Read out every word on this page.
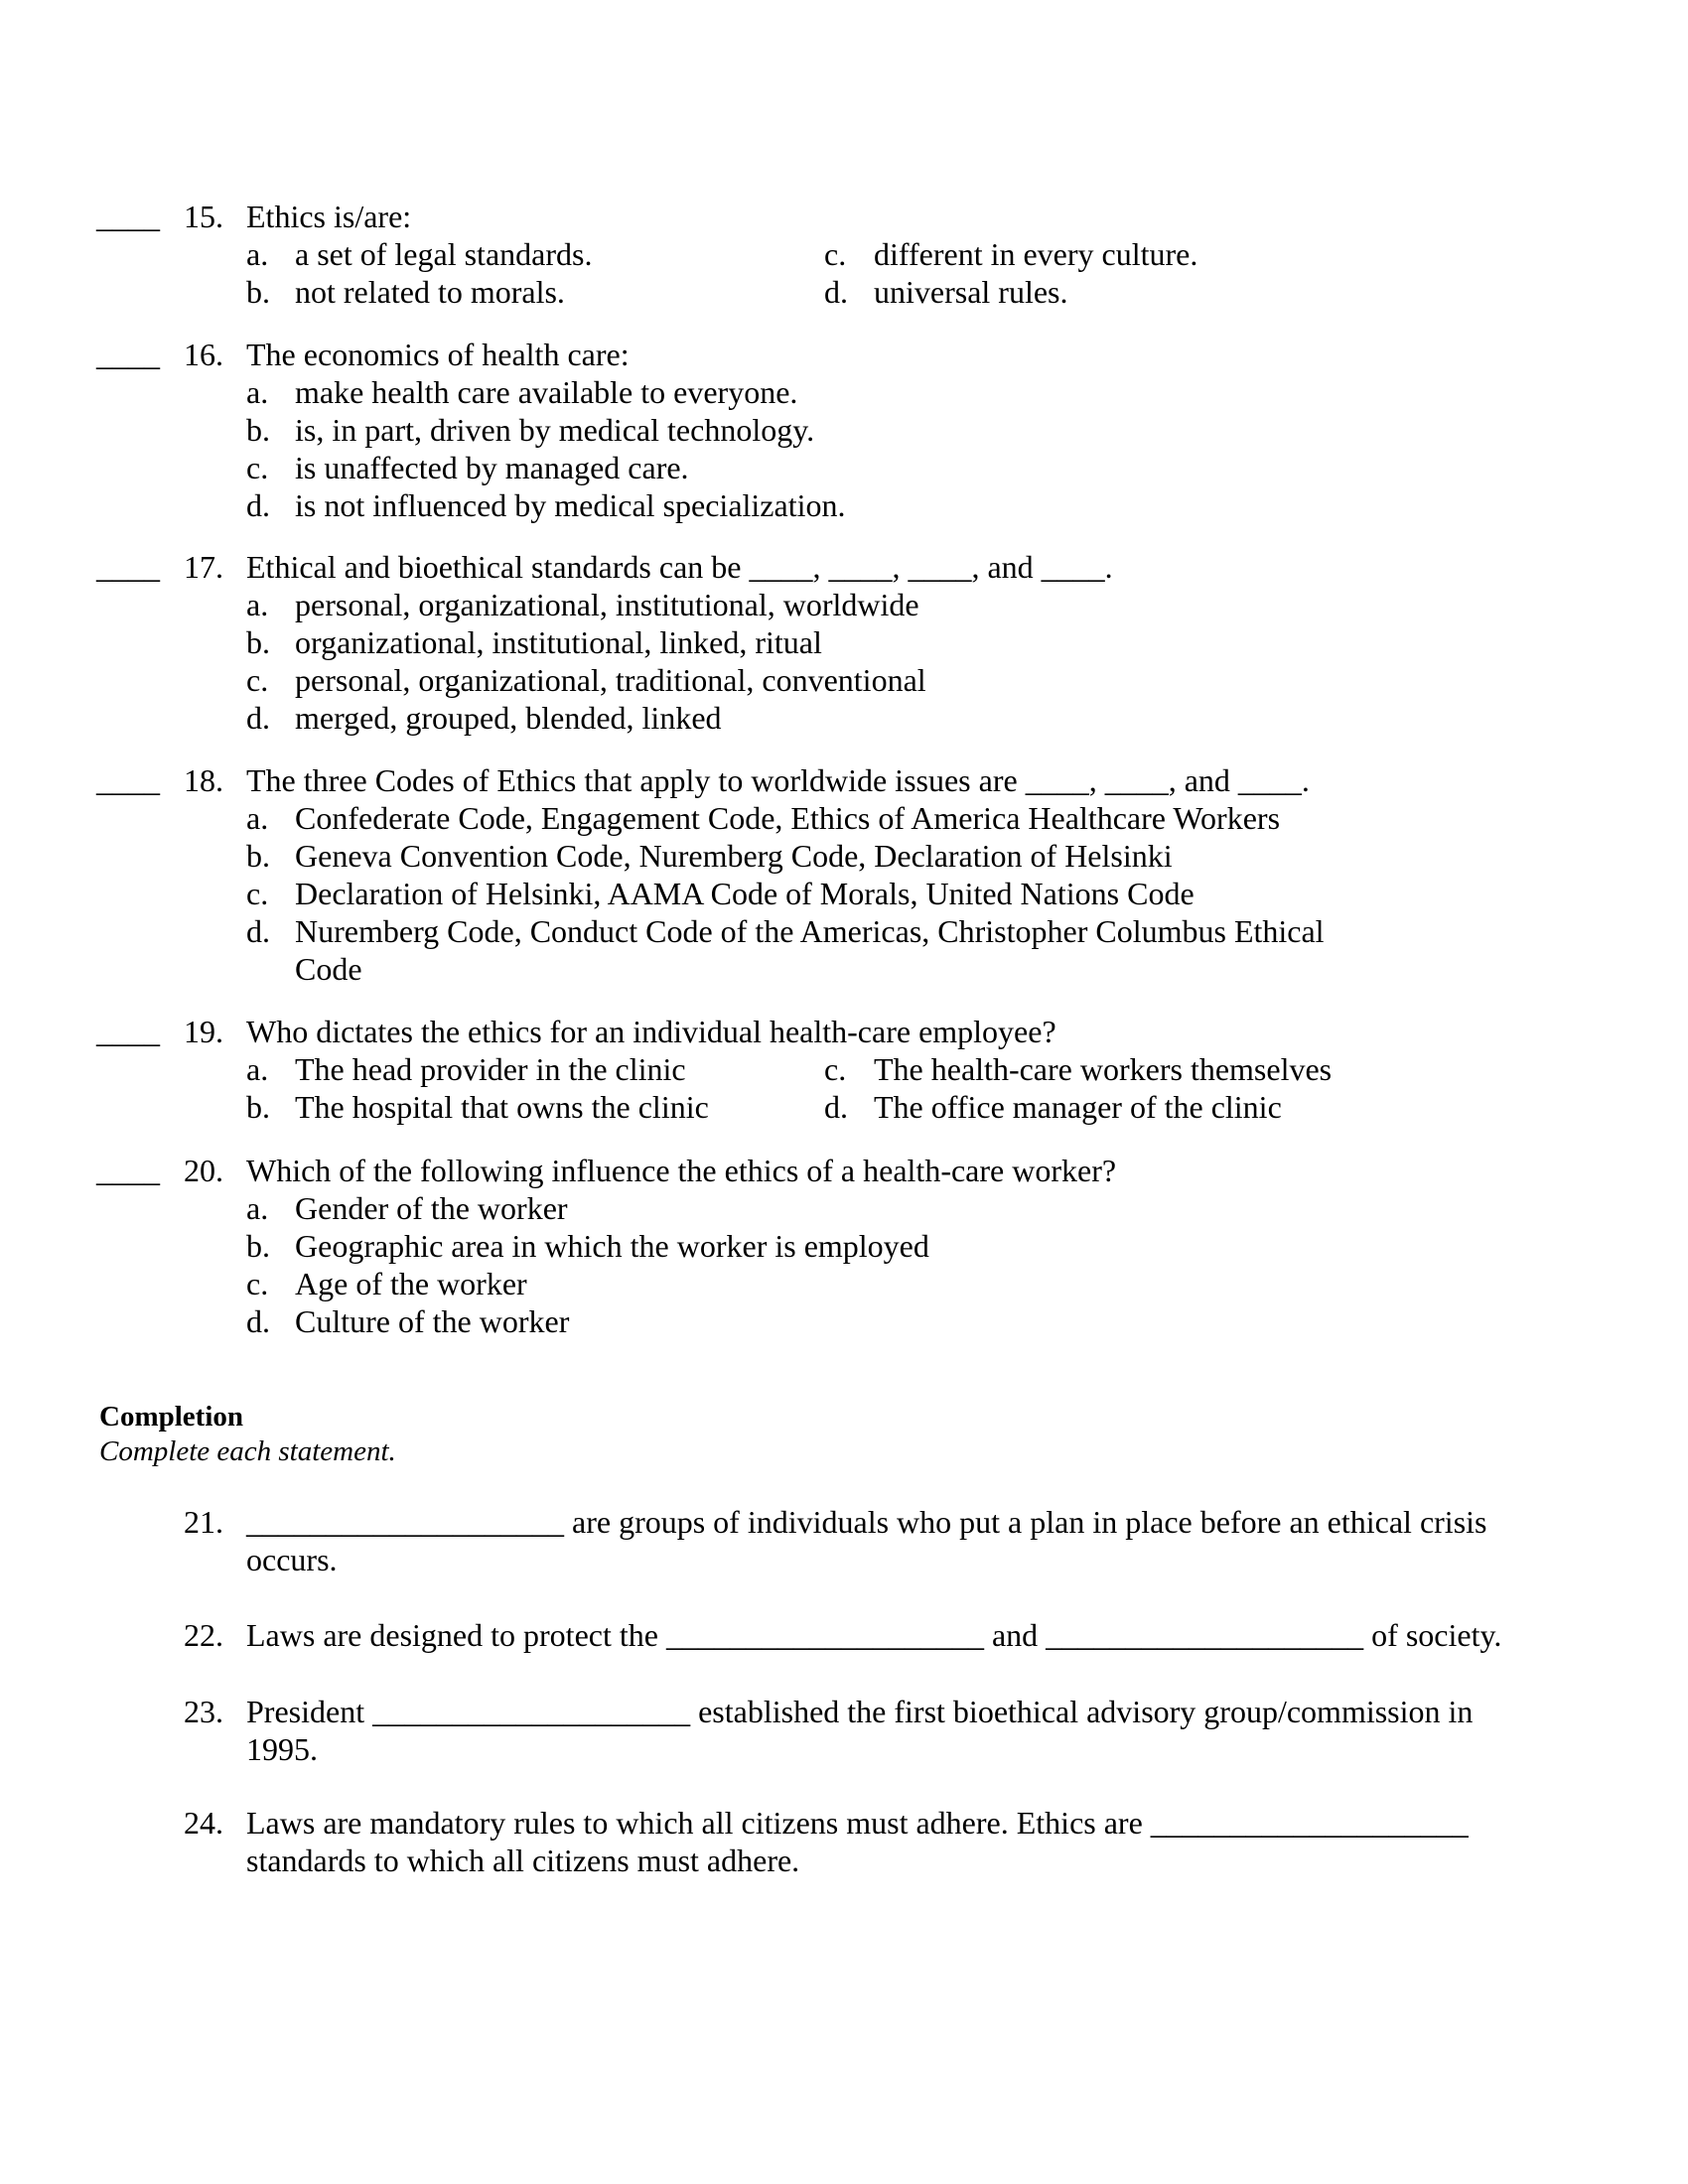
____ 15. Ethics is/are:
a. a set of legal standards.	c. different in every culture.
b. not related to morals.	d. universal rules.
____ 16. The economics of health care:
a. make health care available to everyone.
b. is, in part, driven by medical technology.
c. is unaffected by managed care.
d. is not influenced by medical specialization.
____ 17. Ethical and bioethical standards can be ____, ____, ____, and ____.
a. personal, organizational, institutional, worldwide
b. organizational, institutional, linked, ritual
c. personal, organizational, traditional, conventional
d. merged, grouped, blended, linked
____ 18. The three Codes of Ethics that apply to worldwide issues are ____, ____, and ____.
a. Confederate Code, Engagement Code, Ethics of America Healthcare Workers
b. Geneva Convention Code, Nuremberg Code, Declaration of Helsinki
c. Declaration of Helsinki, AAMA Code of Morals, United Nations Code
d. Nuremberg Code, Conduct Code of the Americas, Christopher Columbus Ethical
Code
____ 19. Who dictates the ethics for an individual health-care employee?
a. The head provider in the clinic	c. The health-care workers themselves
b. The hospital that owns the clinic	d. The office manager of the clinic
____ 20. Which of the following influence the ethics of a health-care worker?
a. Gender of the worker
b. Geographic area in which the worker is employed
c. Age of the worker
d. Culture of the worker
Completion
Complete each statement.
21. ____________________ are groups of individuals who put a plan in place before an ethical crisis
occurs.
22. Laws are designed to protect the ____________________ and ____________________ of society.
23. President ____________________ established the first bioethical advisory group/commission in
1995.
24. Laws are mandatory rules to which all citizens must adhere. Ethics are ____________________
standards to which all citizens must adhere.
